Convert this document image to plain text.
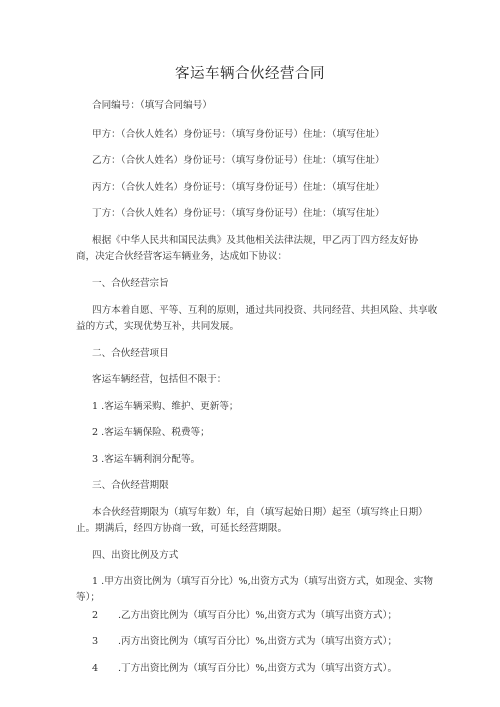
客运车辆合伙经营合同
合同编号：（填写合同编号）
甲方：（合伙人姓名）身份证号：（填写身份证号）住址：（填写住址）
乙方：（合伙人姓名）身份证号：（填写身份证号）住址：（填写住址）
丙方：（合伙人姓名）身份证号：（填写身份证号）住址：（填写住址）
丁方：（合伙人姓名）身份证号：（填写身份证号）住址：（填写住址）
根据《中华人民共和国民法典》及其他相关法律法规，甲乙丙丁四方经友好协
商，决定合伙经营客运车辆业务，达成如下协议：
一、合伙经营宗旨
四方本着自愿、平等、互利的原则，通过共同投资、共同经营、共担风险、共享收
益的方式，实现优势互补，共同发展。
二、合伙经营项目
客运车辆经营，包括但不限于：
1 .客运车辆采购、维护、更新等；
2 .客运车辆保险、税费等；
3 .客运车辆利润分配等。
三、合伙经营期限
本合伙经营期限为（填写年数）年，自（填写起始日期）起至（填写终止日期）
止。期满后，经四方协商一致，可延长经营期限。
四、出资比例及方式
1 .甲方出资比例为（填写百分比）%,出资方式为（填写出资方式，如现金、实物
等）；
2 .乙方出资比例为（填写百分比）%,出资方式为（填写出资方式）；
3 .丙方出资比例为（填写百分比）%,出资方式为（填写出资方式）；
4 .丁方出资比例为（填写百分比）%,出资方式为（填写出资方式）。
